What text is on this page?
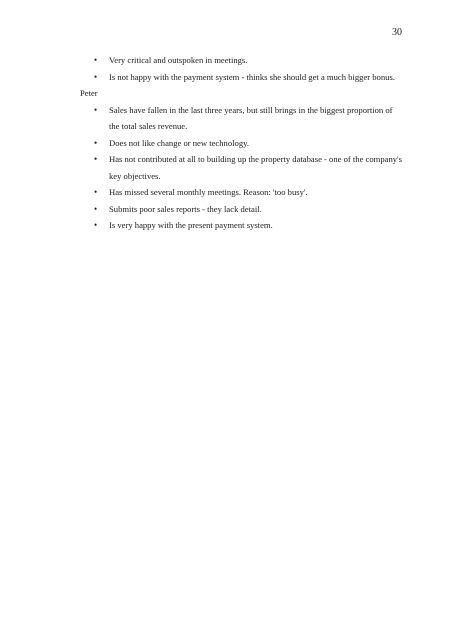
30
• Very critical and outspoken in meetings.
• Is not happy with the payment system - thinks she should get a much bigger bonus.
Peter
• Sales have fallen in the last three years, but still brings in the biggest proportion of the total sales revenue.
• Does not like change or new technology.
• Has not contributed at all to building up the property database - one of the company's key objectives.
• Has missed several monthly meetings. Reason: 'too busy'.
• Submits poor sales reports - they lack detail.
• Is very happy with the present payment system.
